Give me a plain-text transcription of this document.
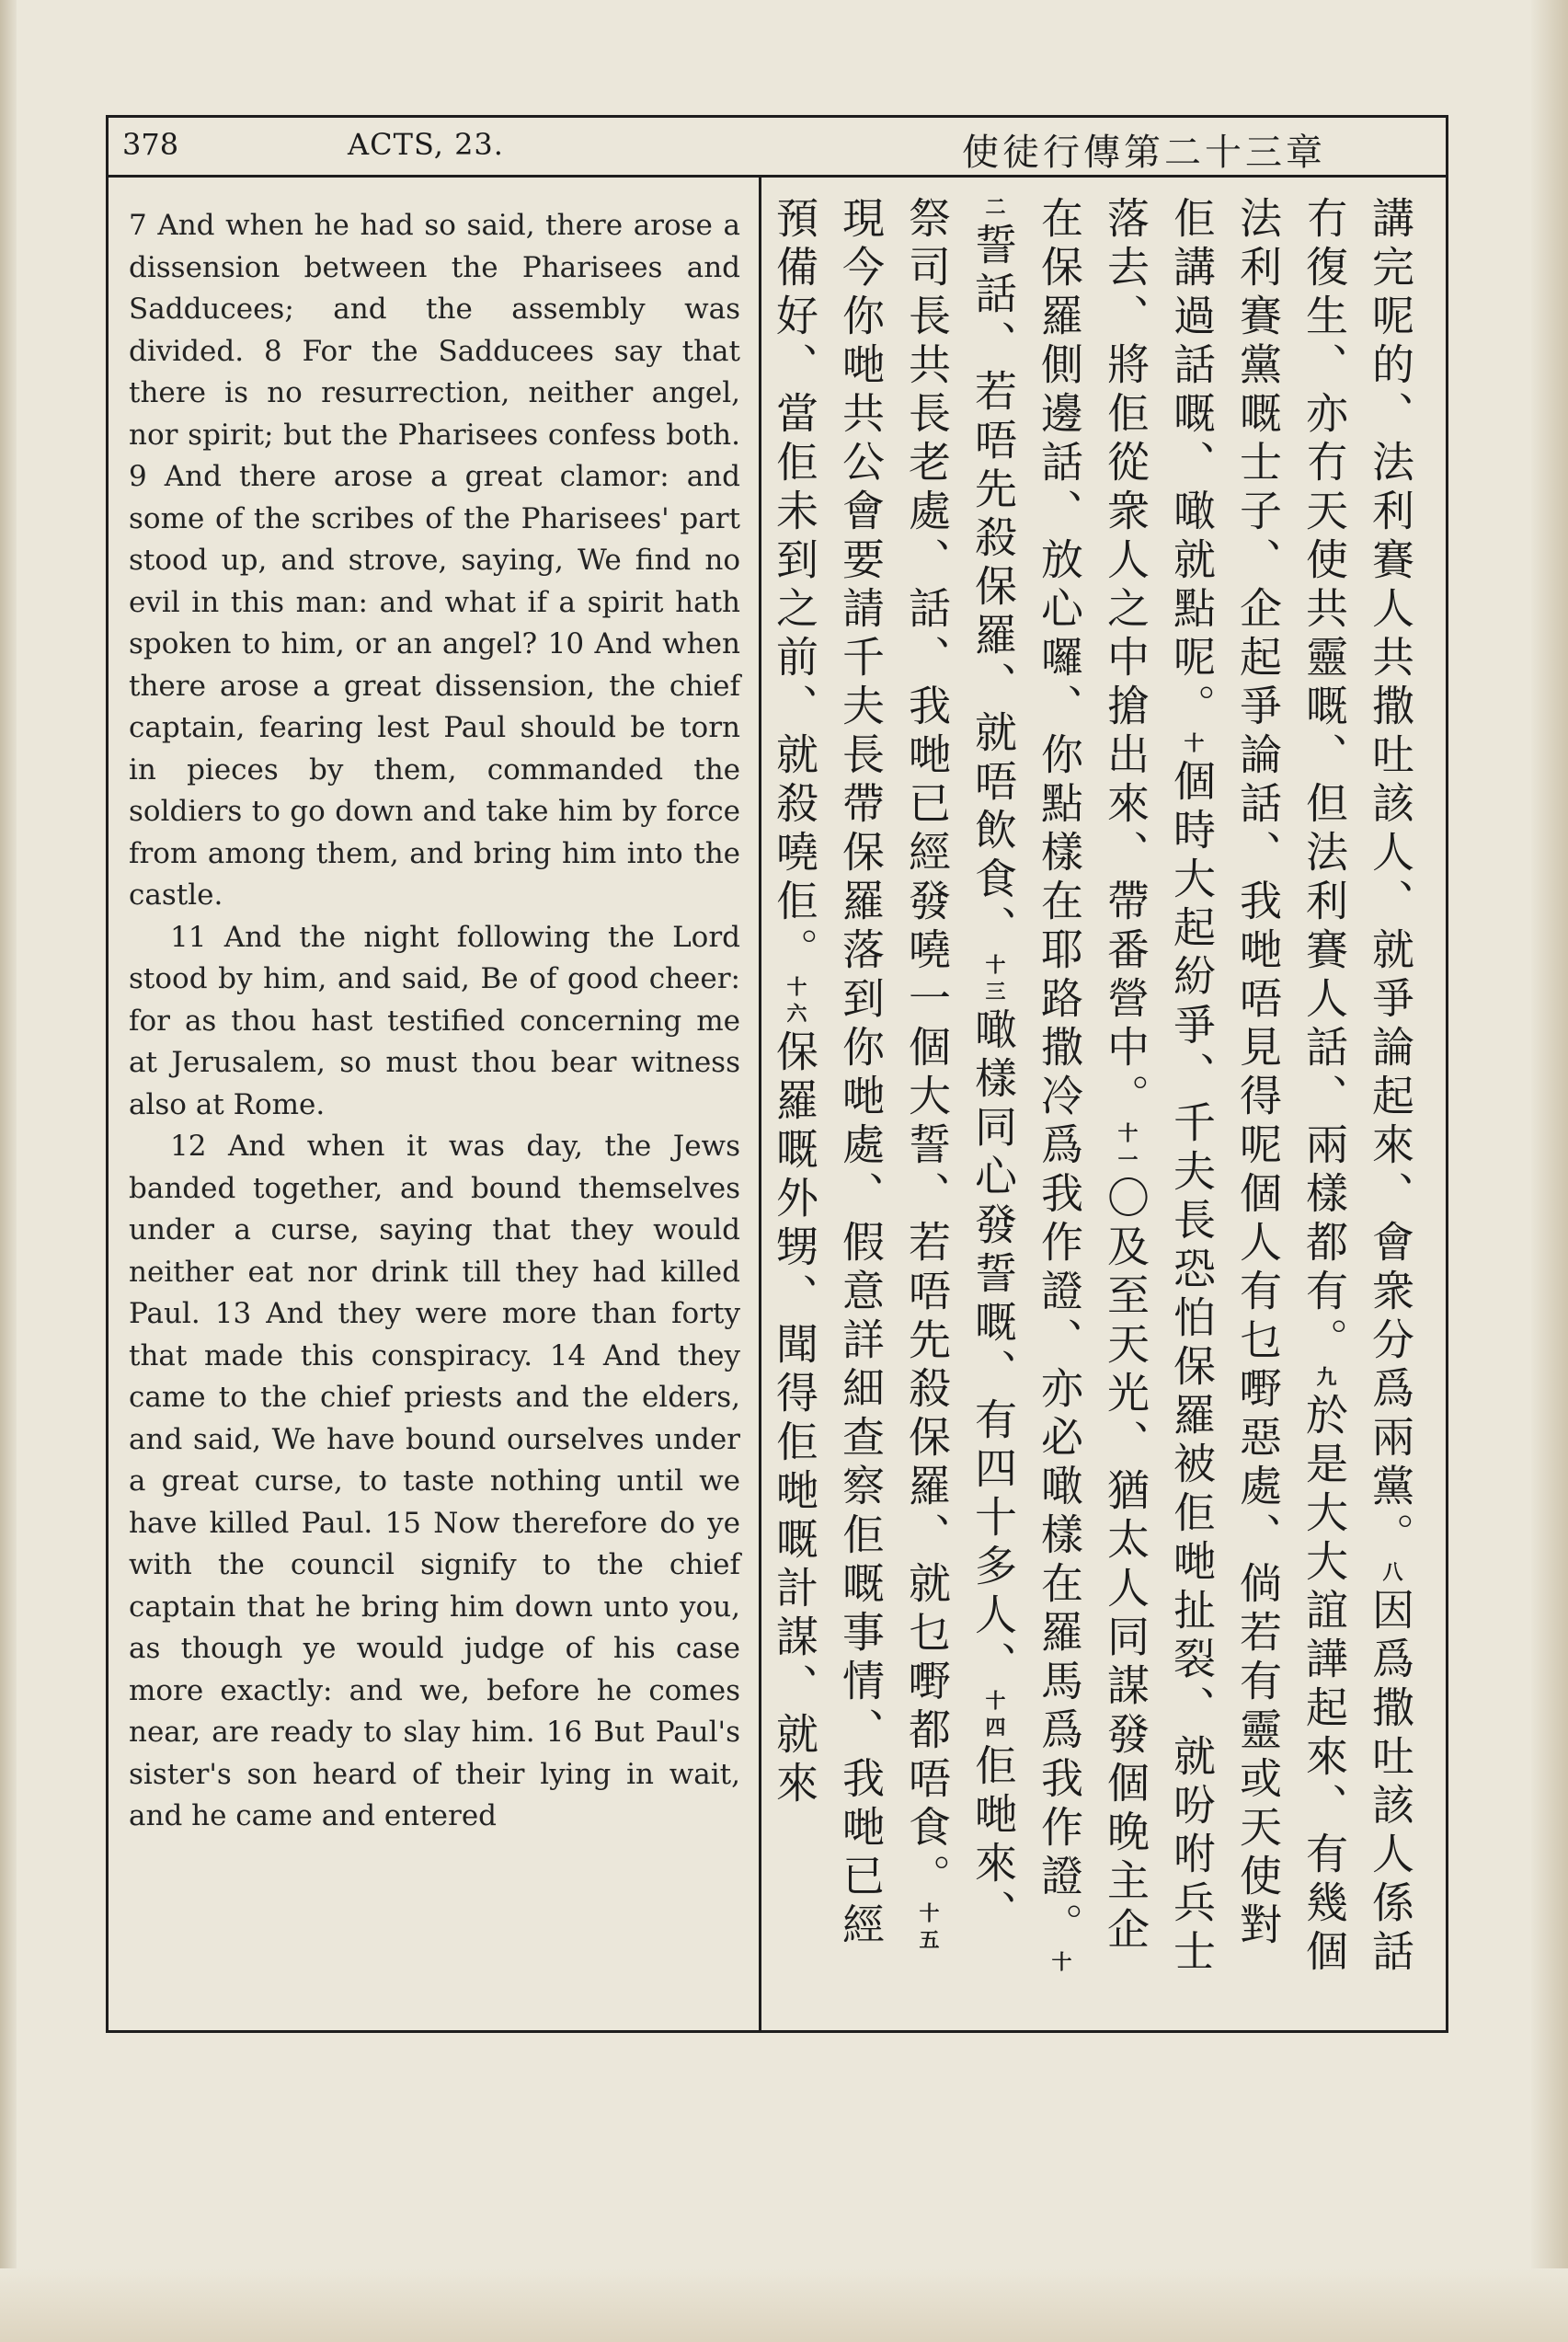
378	ACTS, 23.	使徒行傳第二十三章

7 And when he had so said, there arose a dissension between the Pharisees and Sadducees; and the assembly was divided. 8 For the Sadducees say that there is no resurrection, neither angel, nor spirit; but the Pharisees confess both. 9 And there arose a great clamor: and some of the scribes of the Pharisees' part stood up, and strove, saying, We find no evil in this man: and what if a spirit hath spoken to him, or an angel? 10 And when there arose a great dissension, the chief captain, fearing lest Paul should be torn in pieces by them, commanded the soldiers to go down and take him by force from among them, and bring him into the castle.

11 And the night following the Lord stood by him, and said, Be of good cheer: for as thou hast testified concerning me at Jerusalem, so must thou bear witness also at Rome.

12 And when it was day, the Jews banded together, and bound themselves under a curse, saying that they would neither eat nor drink till they had killed Paul. 13 And they were more than forty that made this conspiracy. 14 And they came to the chief priests and the elders, and said, We have bound ourselves under a great curse, to taste nothing until we have killed Paul. 15 Now therefore do ye with the council signify to the chief captain that he bring him down unto you, as though ye would judge of his case more exactly: and we, before he comes near, are ready to slay him. 16 But Paul's sister's son heard of their lying in wait, and he came and entered

講完呢的、法利賽人共撒吐該人、就爭論起來、會衆分爲兩黨。八因爲撒吐該人係話冇復生、亦冇天使共靈嘅、但法利賽人話、兩樣都有。九於是大大誼譁起來、有幾個法利賽黨嘅士子、企起爭論話、我哋唔見得呢個人有乜嘢惡處、倘若有靈或天使對佢講過話嘅、噉就點呢。十個時大起紛爭、千夫長恐怕保羅被佢哋扯裂、就吩咐兵士落去、將佢從衆人之中搶出來、帶番營中。十一〇及至天光、猶太人同謀發個晚主企在保羅側邊話、放心囉、你點樣在耶路撒冷爲我作證、亦必噉樣在羅馬爲我作證。十二誓話、若唔先殺保羅、就唔飲食、十三噉樣同心發誓嘅、有四十多人、十四佢哋來、祭司長共長老處、話、我哋已經發嘵一個大誓、若唔先殺保羅、就乜嘢都唔食。十五現今你哋共公會要請千夫長帶保羅落到你哋處、假意詳細查察佢嘅事情、我哋已經預備好、當佢未到之前、就殺嘵佢。十六保羅嘅外甥、聞得佢哋嘅計謀、就來
